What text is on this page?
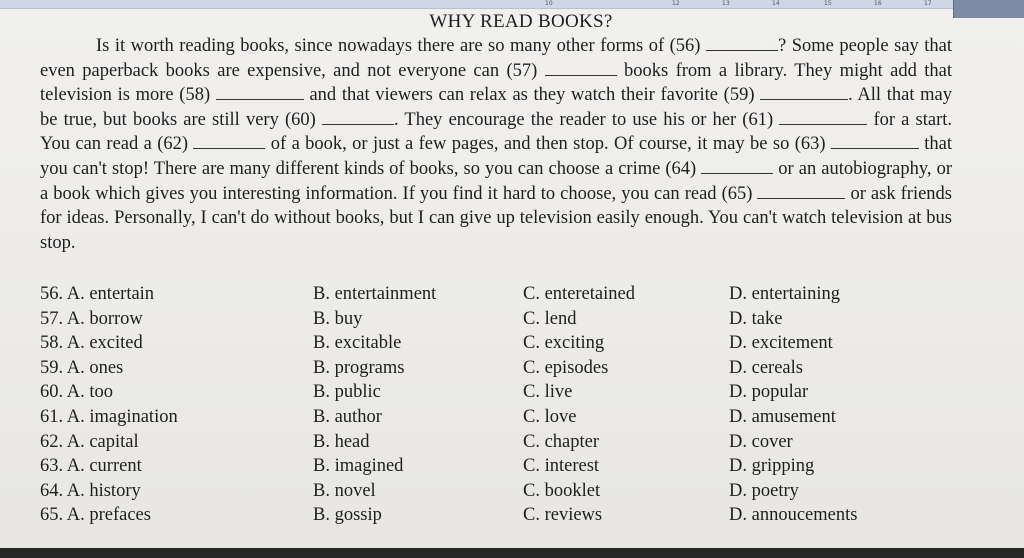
10	12	13	14	15	16	17
WHY READ BOOKS?

Is it worth reading books, since nowadays there are so many other forms of (56)	? Some people say that even paperback books are expensive, and not everyone can (57)	books from a library. They might add that television is more (58)	and that viewers can relax as they watch their favorite (59)	. All that may be true, but books are still very (60)	. They encourage the reader to use his or her (61)	for a start. You can read a (62)	of a book, or just a few pages, and then stop. Of course, it may be so (63)	that you can't stop! There are many different kinds of books, so you can choose a crime (64)	or an autobiography, or a book which gives you interesting information. If you find it hard to choose, you can read (65)	or ask friends for ideas. Personally, I can't do without books, but I can give up television easily enough. You can't watch television at bus stop.

56. A. entertain	B. entertainment	C. enteretained	D. entertaining
57. A. borrow	B. buy	C. lend	D. take
58. A. excited	B. excitable	C. exciting	D. excitement
59. A. ones	B. programs	C. episodes	D. cereals
60. A. too	B. public	C. live	D. popular
61. A. imagination	B. author	C. love	D. amusement
62. A. capital	B. head	C. chapter	D. cover
63. A. current	B. imagined	C. interest	D. gripping
64. A. history	B. novel	C. booklet	D. poetry
65. A. prefaces	B. gossip	C. reviews	D. annoucements
